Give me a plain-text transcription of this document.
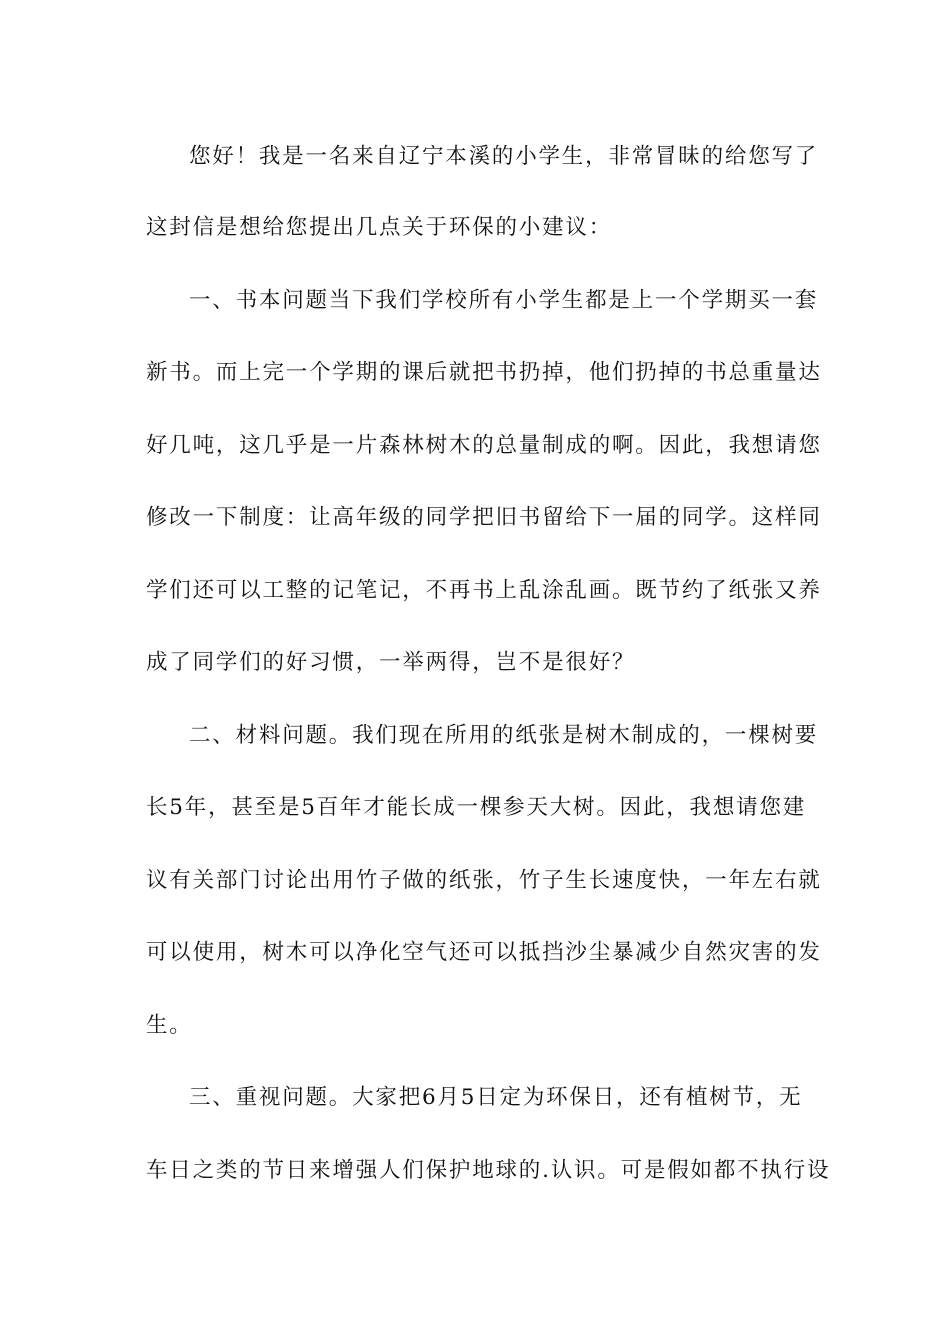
您好！我是一名来自辽宁本溪的小学生，非常冒昧的给您写了
这封信是想给您提出几点关于环保的小建议：
一、书本问题当下我们学校所有小学生都是上一个学期买一套
新书。而上完一个学期的课后就把书扔掉，他们扔掉的书总重量达
好几吨，这几乎是一片森林树木的总量制成的啊。因此，我想请您
修改一下制度：让高年级的同学把旧书留给下一届的同学。这样同
学们还可以工整的记笔记，不再书上乱涂乱画。既节约了纸张又养
成了同学们的好习惯，一举两得，岂不是很好？
二、材料问题。我们现在所用的纸张是树木制成的，一棵树要
长5年，甚至是5百年才能长成一棵参天大树。因此，我想请您建
议有关部门讨论出用竹子做的纸张，竹子生长速度快，一年左右就
可以使用，树木可以净化空气还可以抵挡沙尘暴减少自然灾害的发
生。
三、重视问题。大家把6月5日定为环保日，还有植树节，无
车日之类的节日来增强人们保护地球的.认识。可是假如都不执行设
